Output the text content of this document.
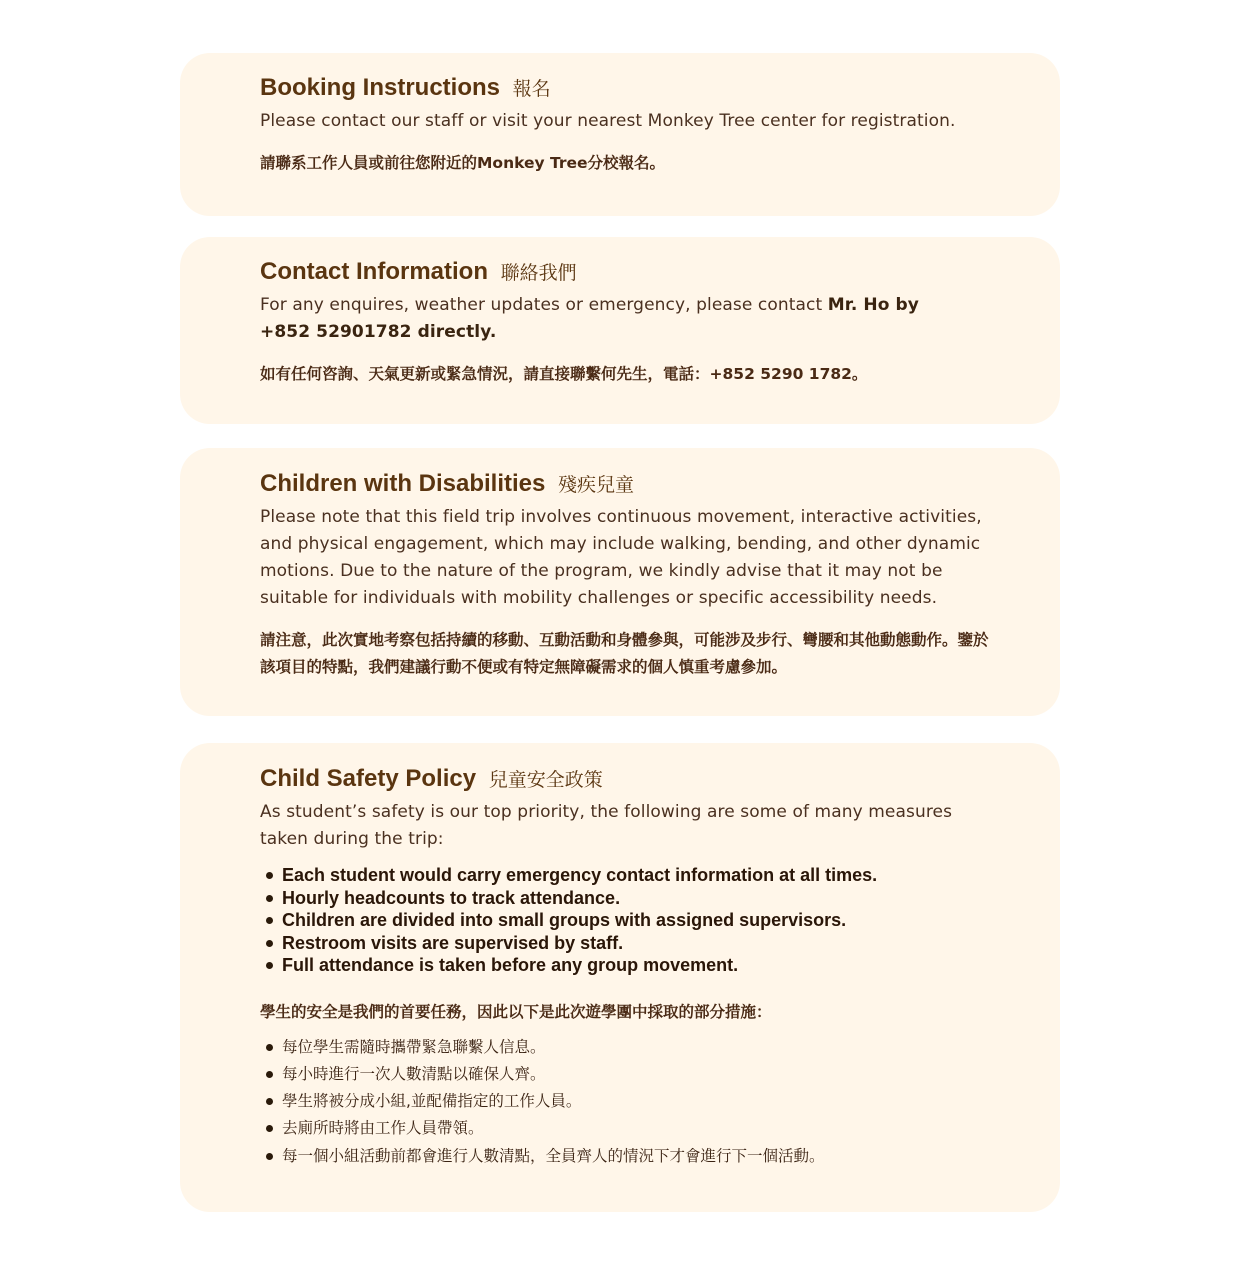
Booking Instructions 報名

Please contact our staff or visit your nearest Monkey Tree center for registration.

請聯系工作人員或前往您附近的Monkey Tree分校報名。

Contact Information 聯絡我們

For any enquires, weather updates or emergency, please contact Mr. Ho by +852 52901782 directly.

如有任何咨詢、天氣更新或緊急情況，請直接聯繫何先生，電話：+852 5290 1782。

Children with Disabilities 殘疾兒童

Please note that this field trip involves continuous movement, interactive activities, and physical engagement, which may include walking, bending, and other dynamic motions. Due to the nature of the program, we kindly advise that it may not be suitable for individuals with mobility challenges or specific accessibility needs.

請注意，此次實地考察包括持續的移動、互動活動和身體參與，可能涉及步行、彎腰和其他動態動作。鑒於該項目的特點，我們建議行動不便或有特定無障礙需求的個人慎重考慮參加。

Child Safety Policy 兒童安全政策

As student’s safety is our top priority, the following are some of many measures taken during the trip:

Each student would carry emergency contact information at all times.
Hourly headcounts to track attendance.
Children are divided into small groups with assigned supervisors.
Restroom visits are supervised by staff.
Full attendance is taken before any group movement.

學生的安全是我們的首要任務，因此以下是此次遊學團中採取的部分措施：

每位學生需隨時攜帶緊急聯繫人信息。
每小時進行一次人數清點以確保人齊。
學生將被分成小組,並配備指定的工作人員。
去廁所時將由工作人員帶領。
每一個小組活動前都會進行人數清點，全員齊人的情況下才會進行下一個活動。
